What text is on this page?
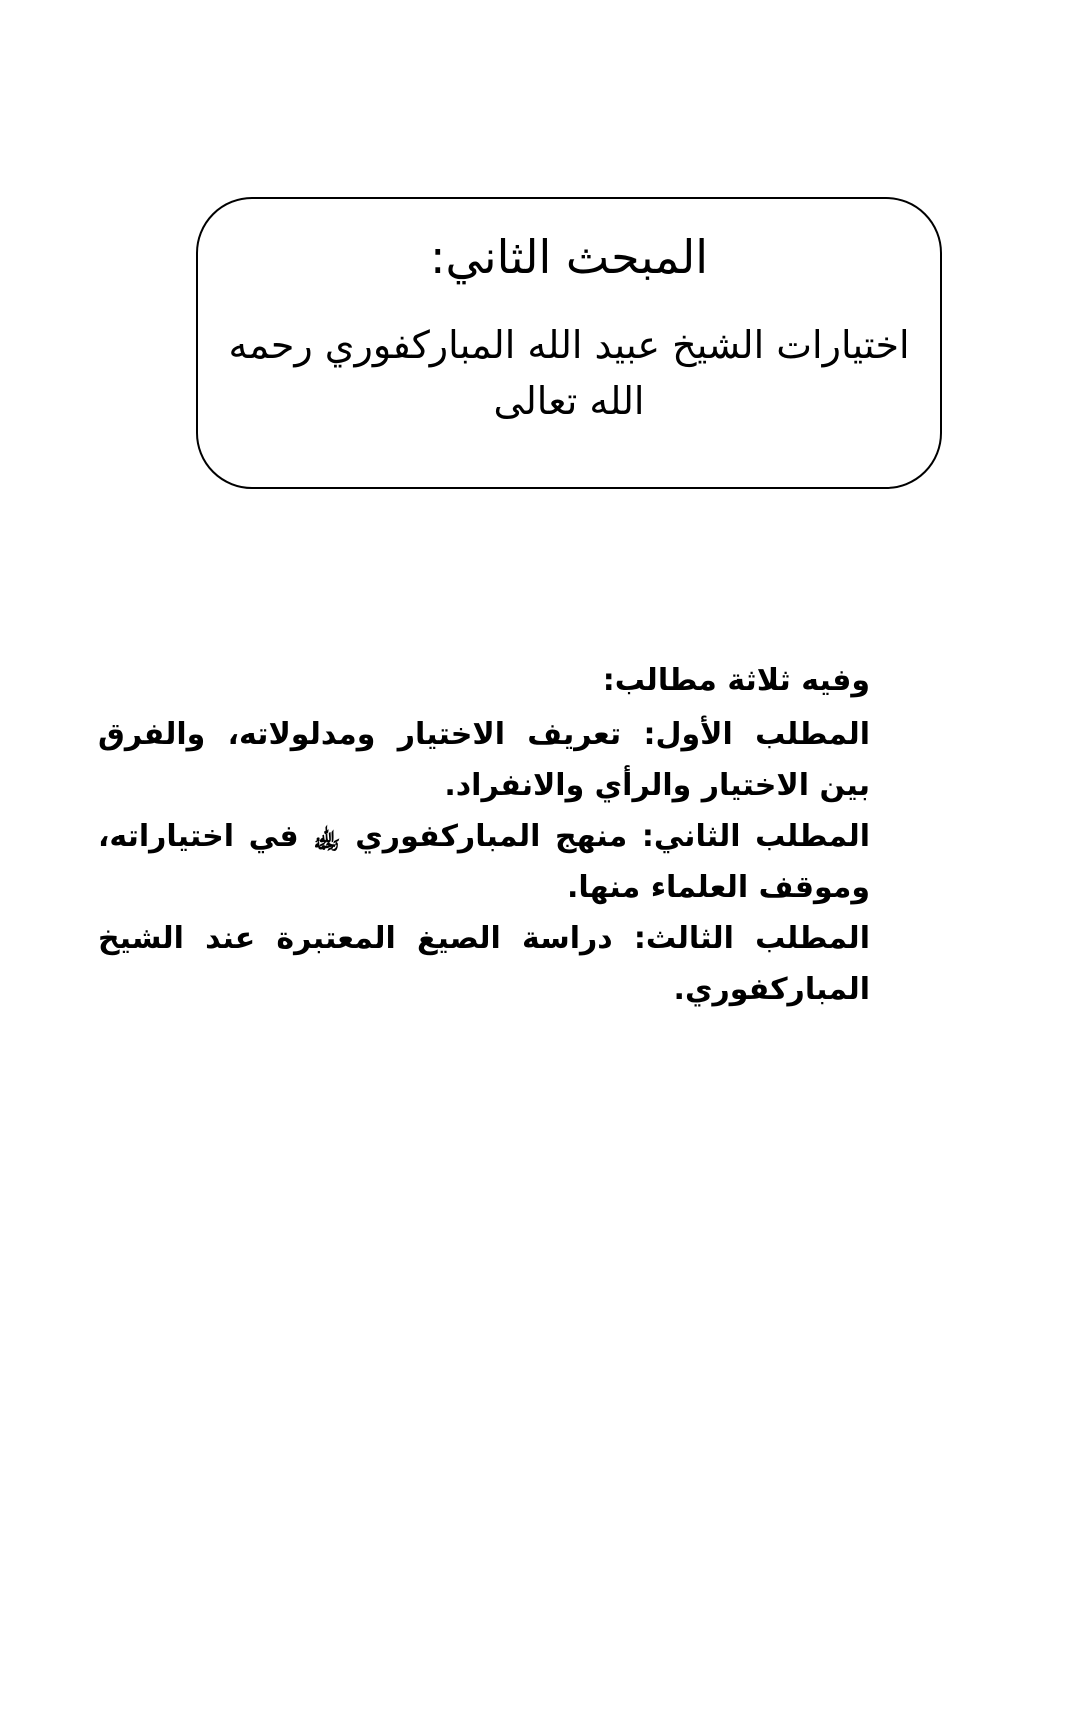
المبحث الثاني:
اختيارات الشيخ عبيد الله المباركفوري رحمه الله تعالى

وفيه ثلاثة مطالب:

المطلب الأول: تعريف الاختيار ومدلولاته، والفرق بين الاختيار والرأي والانفراد.

المطلب الثاني: منهج المباركفوري ﵀ في اختياراته، وموقف العلماء منها.

المطلب الثالث: دراسة الصيغ المعتبرة عند الشيخ المباركفوري.
